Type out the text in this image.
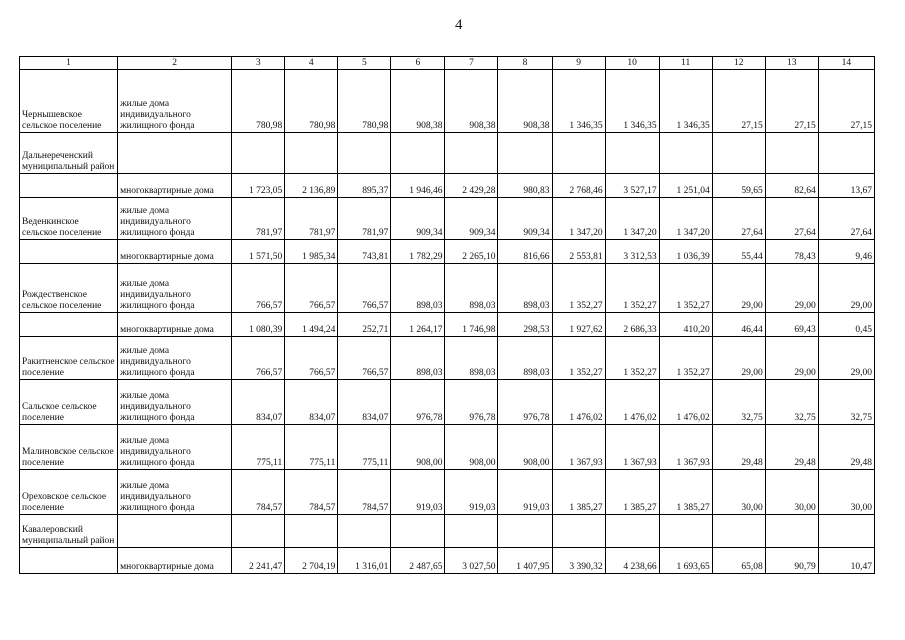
4
1	2	3	4	5	6	7	8	9	10	11	12	13	14
Чернышевское сельское поселение	жилые дома индивидуального жилищного фонда	780,98	780,98	780,98	908,38	908,38	908,38	1 346,35	1 346,35	1 346,35	27,15	27,15	27,15
Дальнереченский муниципальный район													
	многоквартирные дома	1 723,05	2 136,89	895,37	1 946,46	2 429,28	980,83	2 768,46	3 527,17	1 251,04	59,65	82,64	13,67
Веденкинское сельское поселение	жилые дома индивидуального жилищного фонда	781,97	781,97	781,97	909,34	909,34	909,34	1 347,20	1 347,20	1 347,20	27,64	27,64	27,64
	многоквартирные дома	1 571,50	1 985,34	743,81	1 782,29	2 265,10	816,66	2 553,81	3 312,53	1 036,39	55,44	78,43	9,46
Рождественское сельское поселение	жилые дома индивидуального жилищного фонда	766,57	766,57	766,57	898,03	898,03	898,03	1 352,27	1 352,27	1 352,27	29,00	29,00	29,00
	многоквартирные дома	1 080,39	1 494,24	252,71	1 264,17	1 746,98	298,53	1 927,62	2 686,33	410,20	46,44	69,43	0,45
Ракитненское сельское поселение	жилые дома индивидуального жилищного фонда	766,57	766,57	766,57	898,03	898,03	898,03	1 352,27	1 352,27	1 352,27	29,00	29,00	29,00
Сальское сельское поселение	жилые дома индивидуального жилищного фонда	834,07	834,07	834,07	976,78	976,78	976,78	1 476,02	1 476,02	1 476,02	32,75	32,75	32,75
Малиновское сельское поселение	жилые дома индивидуального жилищного фонда	775,11	775,11	775,11	908,00	908,00	908,00	1 367,93	1 367,93	1 367,93	29,48	29,48	29,48
Ореховское сельское поселение	жилые дома индивидуального жилищного фонда	784,57	784,57	784,57	919,03	919,03	919,03	1 385,27	1 385,27	1 385,27	30,00	30,00	30,00
Кавалеровский муниципальный район													
	многоквартирные дома	2 241,47	2 704,19	1 316,01	2 487,65	3 027,50	1 407,95	3 390,32	4 238,66	1 693,65	65,08	90,79	10,47
